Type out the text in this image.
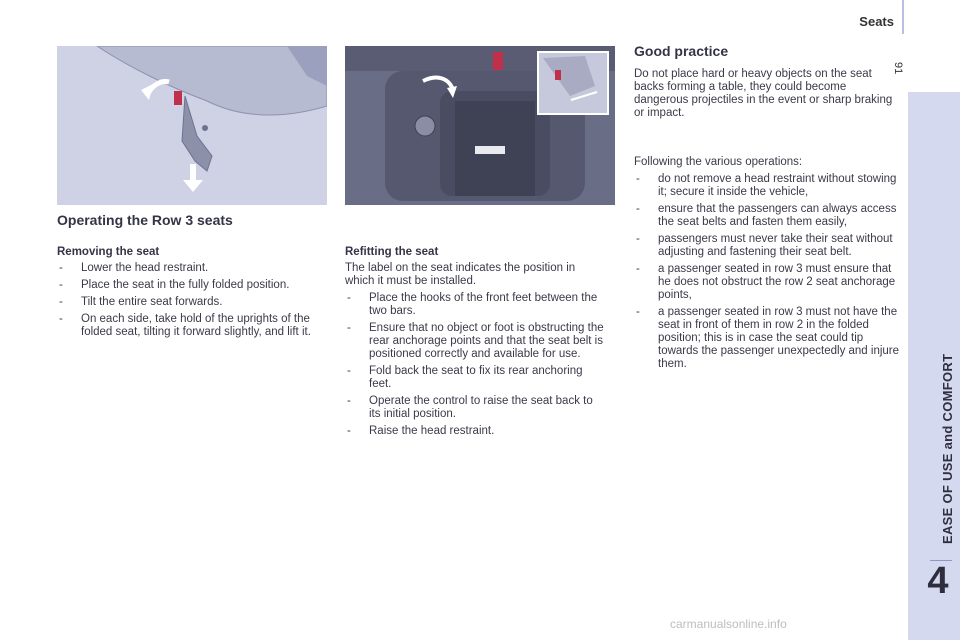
Seats
91
EASE OF USE and COMFORT
4
Operating the Row 3 seats
Removing the seat
- Lower the head restraint.
- Place the seat in the fully folded position.
- Tilt the entire seat forwards.
- On each side, take hold of the uprights of the folded seat, tilting it forward slightly, and lift it.
Refitting the seat

The label on the seat indicates the position in which it must be installed.

- Place the hooks of the front feet between the two bars.
- Ensure that no object or foot is obstructing the rear anchorage points and that the seat belt is positioned correctly and available for use.
- Fold back the seat to fix its rear anchoring feet.
- Operate the control to raise the seat back to its initial position.
- Raise the head restraint.
Good practice

Do not place hard or heavy objects on the seat backs forming a table, they could become dangerous projectiles in the event or sharp braking or impact.

Following the various operations:

- do not remove a head restraint without stowing it; secure it inside the vehicle,
- ensure that the passengers can always access the seat belts and fasten them easily,
- passengers must never take their seat without adjusting and fastening their seat belt.
- a passenger seated in row 3 must ensure that he does not obstruct the row 2 seat anchorage points,
- a passenger seated in row 3 must not have the seat in front of them in row 2 in the folded position; this is in case the seat could tip towards the passenger unexpectedly and injure them.
carmanualsonline.info
